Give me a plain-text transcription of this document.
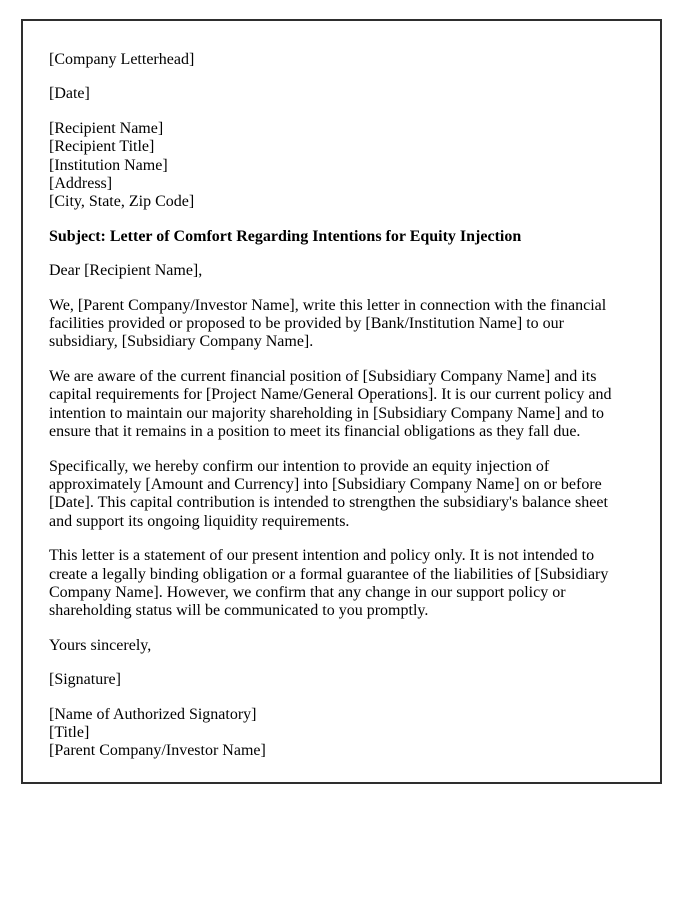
[Company Letterhead]

[Date]

[Recipient Name]
[Recipient Title]
[Institution Name]
[Address]
[City, State, Zip Code]

Subject: Letter of Comfort Regarding Intentions for Equity Injection

Dear [Recipient Name],

We, [Parent Company/Investor Name], write this letter in connection with the financial facilities provided or proposed to be provided by [Bank/Institution Name] to our subsidiary, [Subsidiary Company Name].

We are aware of the current financial position of [Subsidiary Company Name] and its capital requirements for [Project Name/General Operations]. It is our current policy and intention to maintain our majority shareholding in [Subsidiary Company Name] and to ensure that it remains in a position to meet its financial obligations as they fall due.

Specifically, we hereby confirm our intention to provide an equity injection of approximately [Amount and Currency] into [Subsidiary Company Name] on or before [Date]. This capital contribution is intended to strengthen the subsidiary's balance sheet and support its ongoing liquidity requirements.

This letter is a statement of our present intention and policy only. It is not intended to create a legally binding obligation or a formal guarantee of the liabilities of [Subsidiary Company Name]. However, we confirm that any change in our support policy or shareholding status will be communicated to you promptly.

Yours sincerely,

[Signature]

[Name of Authorized Signatory]
[Title]
[Parent Company/Investor Name]
